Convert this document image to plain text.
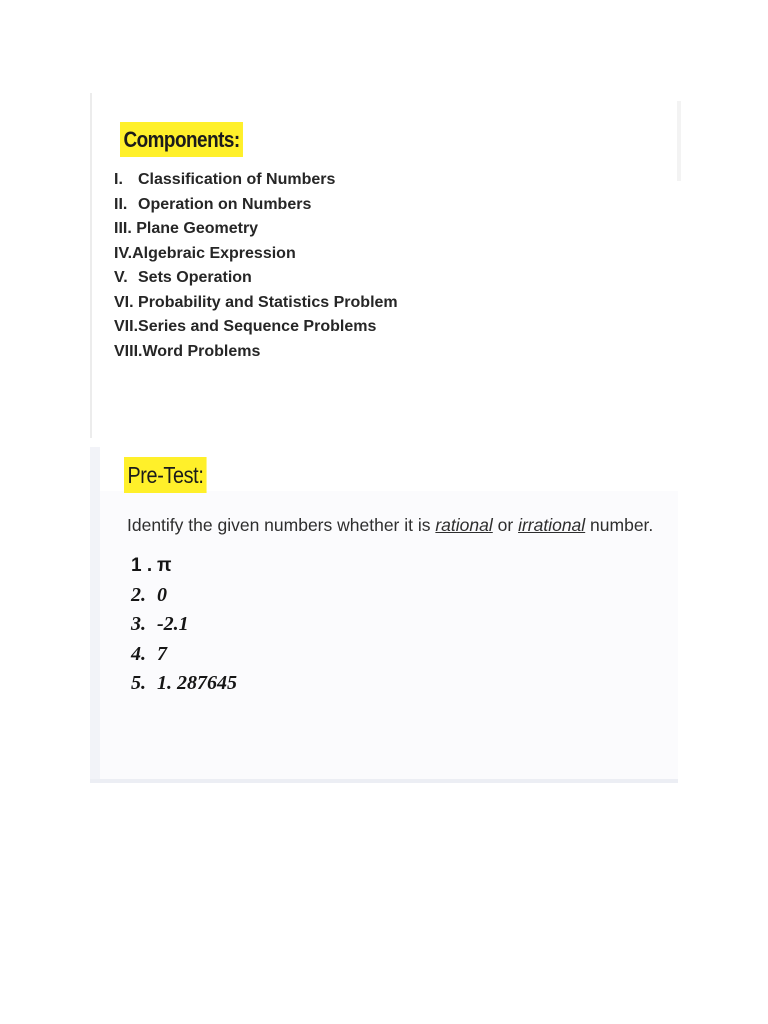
Components:
I. Classification of Numbers
II. Operation on Numbers
III. Plane Geometry
IV.Algebraic Expression
V. Sets Operation
VI. Probability and Statistics Problem
VII.Series and Sequence Problems
VIII.Word Problems
Pre-Test:
Identify the given numbers whether it is rational or irrational number.
1 . π
2. 0
3. -2.1
4. 7
5. 1. 287645
